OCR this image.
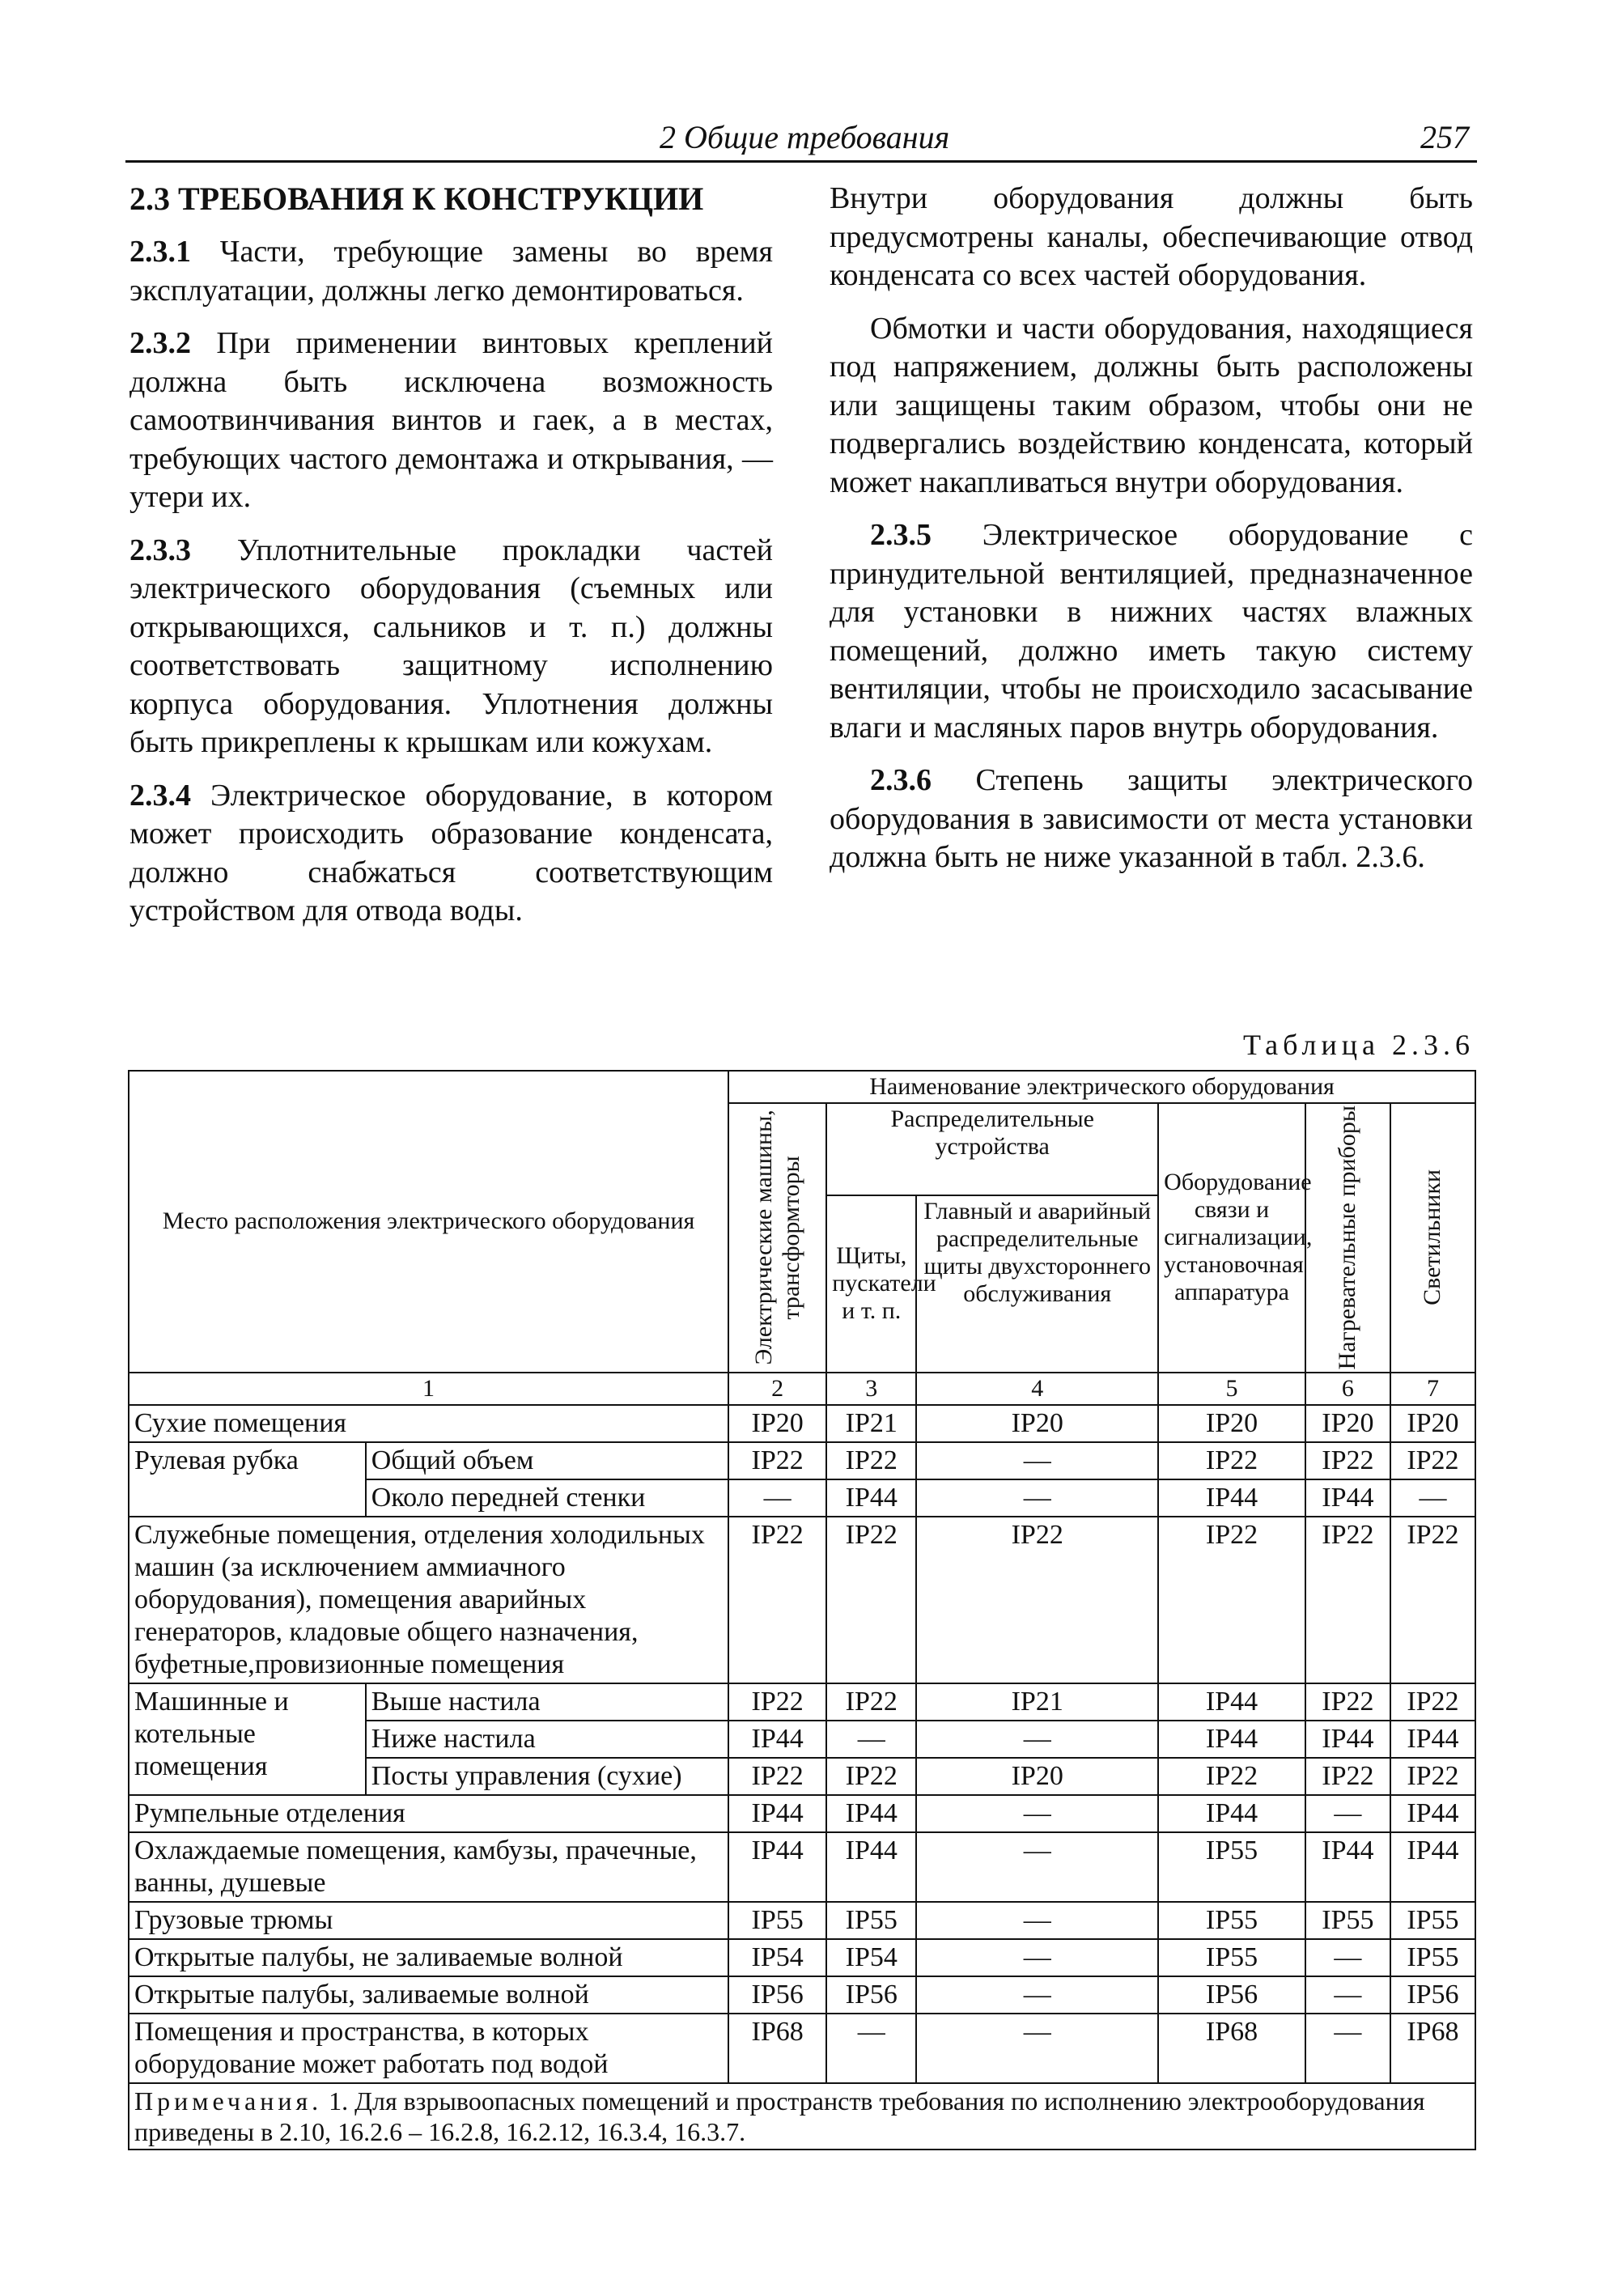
2 Общие требования	257
2.3 ТРЕБОВАНИЯ К КОНСТРУКЦИИ

2.3.1 Части, требующие замены во время эксплуатации, должны легко демонтироваться.

2.3.2 При применении винтовых креплений должна быть исключена возможность самоотвинчивания винтов и гаек, а в местах, требующих частого демонтажа и открывания, — утери их.

2.3.3 Уплотнительные прокладки частей электрического оборудования (съемных или открывающихся, сальников и т. п.) должны соответствовать защитному исполнению корпуса оборудования. Уплотнения должны быть прикреплены к крышкам или кожухам.

2.3.4 Электрическое оборудование, в котором может происходить образование конденсата, должно снабжаться соответствующим устройством для отвода воды.

Внутри оборудования должны быть предусмотрены каналы, обеспечивающие отвод конденсата со всех частей оборудования.

Обмотки и части оборудования, находящиеся под напряжением, должны быть расположены или защищены таким образом, чтобы они не подвергались воздействию конденсата, который может накапливаться внутри оборудования.

2.3.5 Электрическое оборудование с принудительной вентиляцией, предназначенное для установки в нижних частях влажных помещений, должно иметь такую систему вентиляции, чтобы не происходило засасывание влаги и масляных паров внутрь оборудования.

2.3.6 Степень защиты электрического оборудования в зависимости от места установки должна быть не ниже указанной в табл. 2.3.6.

Таблица 2.3.6
Место расположения электрического оборудования		Наименование электрического оборудования					

		Электрические машины, трансформторы	Распределительные устройства		Оборудование связи и сигнализации, установочная аппаратура	Нагревательные приборы	Светильники

			Щиты, пускатели и т. п.	Главный и аварийный распределительные щиты двухстороннего обслуживания			
1		2	3	4	5	6	7
Сухие помещения		IP20	IP21	IP20	IP20	IP20	IP20
Рулевая рубка	Общий объем	IP22	IP22	—	IP22	IP22	IP22
	Около передней стенки	—	IP44	—	IP44	IP44	—
Служебные помещения, отделения холодильных машин (за исключением аммиачного оборудования), помещения аварийных генераторов, кладовые общего назначения, буфетные,провизионные помещения		IP22	IP22	IP22	IP22	IP22	IP22
Машинные и котельные помещения	Выше настила	IP22	IP22	IP21	IP44	IP22	IP22
	Ниже настила	IP44	—	—	IP44	IP44	IP44
	Посты управления (сухие)	IP22	IP22	IP20	IP22	IP22	IP22
Румпельные отделения		IP44	IP44	—	IP44	—	IP44
Охлаждаемые помещения, камбузы, прачечные, ванны, душевые		IP44	IP44	—	IP55	IP44	IP44
Грузовые трюмы		IP55	IP55	—	IP55	IP55	IP55
Открытые палубы, не заливаемые волной		IP54	IP54	—	IP55	—	IP55
Открытые палубы, заливаемые волной		IP56	IP56	—	IP56	—	IP56
Помещения и пространства, в которых оборудование может работать под водой		IP68	—	—	IP68	—	IP68
Примечания. 1. Для взрывоопасных помещений и пространств требования по исполнению электрооборудования приведены в 2.10, 16.2.6 – 16.2.8, 16.2.12, 16.3.4, 16.3.7.							
